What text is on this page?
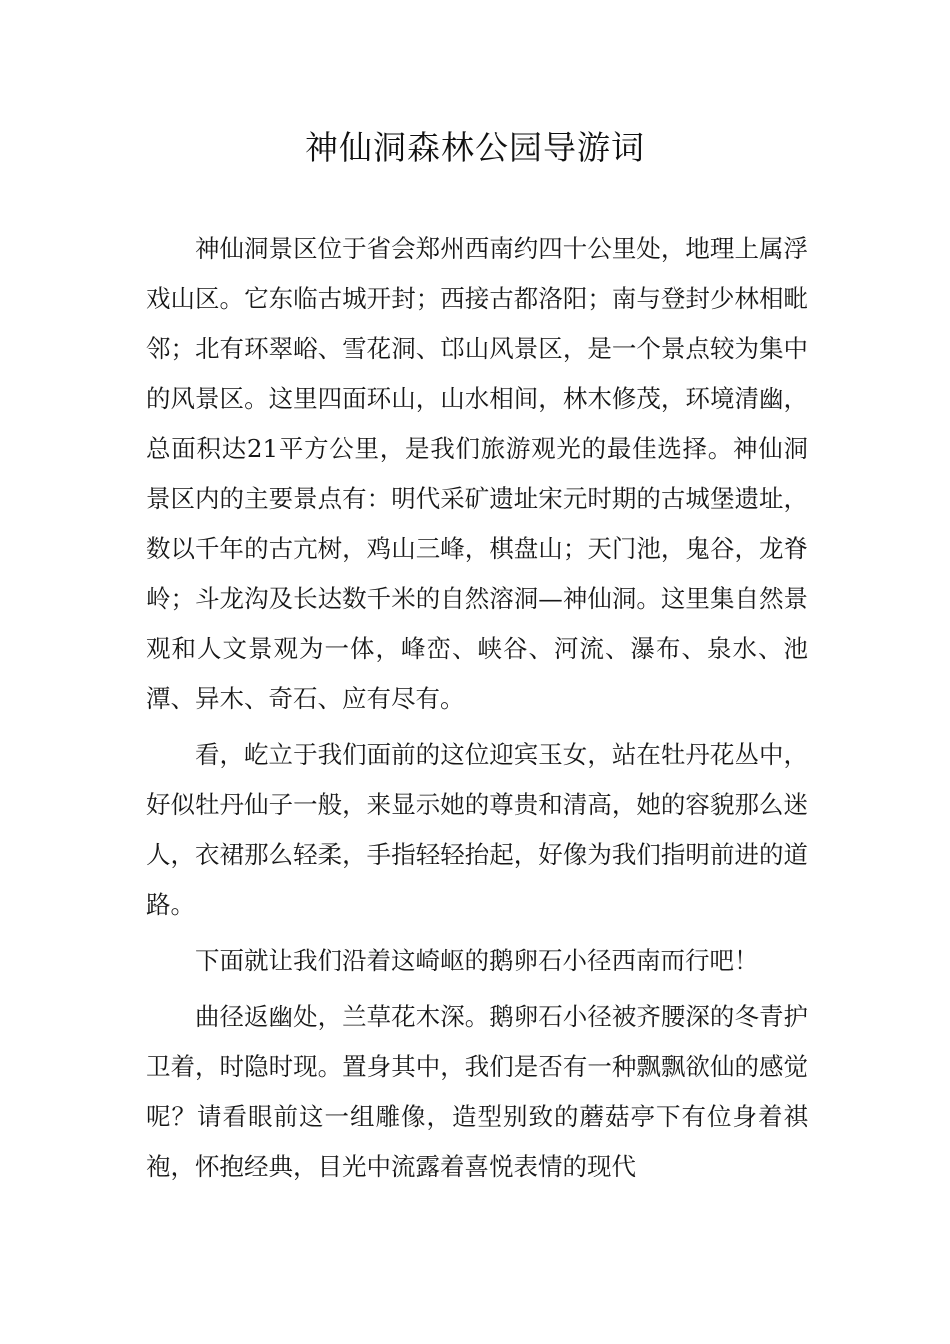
神仙洞森林公园导游词

神仙洞景区位于省会郑州西南约四十公里处，地理上属浮戏山区。它东临古城开封；西接古都洛阳；南与登封少林相毗邻；北有环翠峪、雪花洞、邙山风景区，是一个景点较为集中的风景区。这里四面环山，山水相间，林木修茂，环境清幽，总面积达21平方公里，是我们旅游观光的最佳选择。神仙洞景区内的主要景点有：明代采矿遗址宋元时期的古城堡遗址，数以千年的古亢树，鸡山三峰，棋盘山；天门池，鬼谷，龙脊岭；斗龙沟及长达数千米的自然溶洞—神仙洞。这里集自然景观和人文景观为一体，峰峦、峡谷、河流、瀑布、泉水、池潭、异木、奇石、应有尽有。

看，屹立于我们面前的这位迎宾玉女，站在牡丹花丛中，好似牡丹仙子一般，来显示她的尊贵和清高，她的容貌那么迷人，衣裙那么轻柔，手指轻轻抬起，好像为我们指明前进的道路。

下面就让我们沿着这崎岖的鹅卵石小径西南而行吧！

曲径返幽处，兰草花木深。鹅卵石小径被齐腰深的冬青护卫着，时隐时现。置身其中，我们是否有一种飘飘欲仙的感觉呢？请看眼前这一组雕像，造型别致的蘑菇亭下有位身着祺袍，怀抱经典，目光中流露着喜悦表情的现代
